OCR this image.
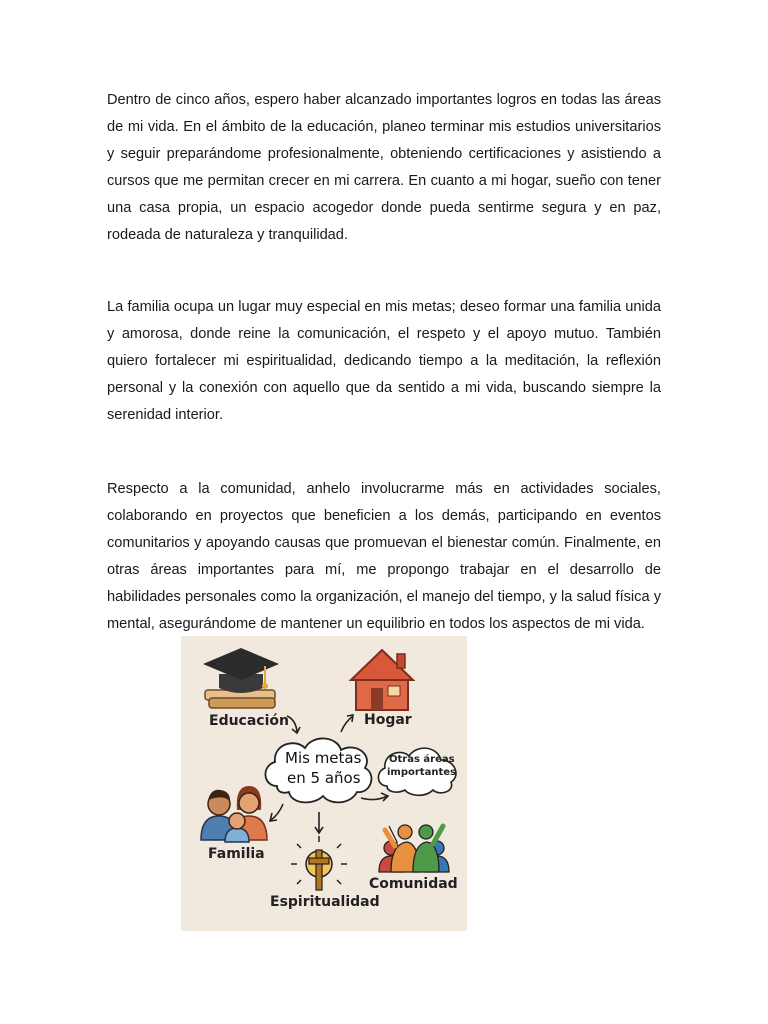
Dentro de cinco años, espero haber alcanzado importantes logros en todas las áreas de mi vida. En el ámbito de la educación, planeo terminar mis estudios universitarios y seguir preparándome profesionalmente, obteniendo certificaciones y asistiendo a cursos que me permitan crecer en mi carrera. En cuanto a mi hogar, sueño con tener una casa propia, un espacio acogedor donde pueda sentirme segura y en paz, rodeada de naturaleza y tranquilidad.

La familia ocupa un lugar muy especial en mis metas; deseo formar una familia unida y amorosa, donde reine la comunicación, el respeto y el apoyo mutuo. También quiero fortalecer mi espiritualidad, dedicando tiempo a la meditación, la reflexión personal y la conexión con aquello que da sentido a mi vida, buscando siempre la serenidad interior.

Respecto a la comunidad, anhelo involucrarme más en actividades sociales, colaborando en proyectos que beneficien a los demás, participando en eventos comunitarios y apoyando causas que promuevan el bienestar común. Finalmente, en otras áreas importantes para mí, me propongo trabajar en el desarrollo de habilidades personales como la organización, el manejo del tiempo, y la salud física y mental, asegurándome de mantener un equilibrio en todos los aspectos de mi vida.

Educación	Hogar
Mis metas
en 5 años
Otras áreas
importantes
Familia
Espiritualidad
Comunidad
